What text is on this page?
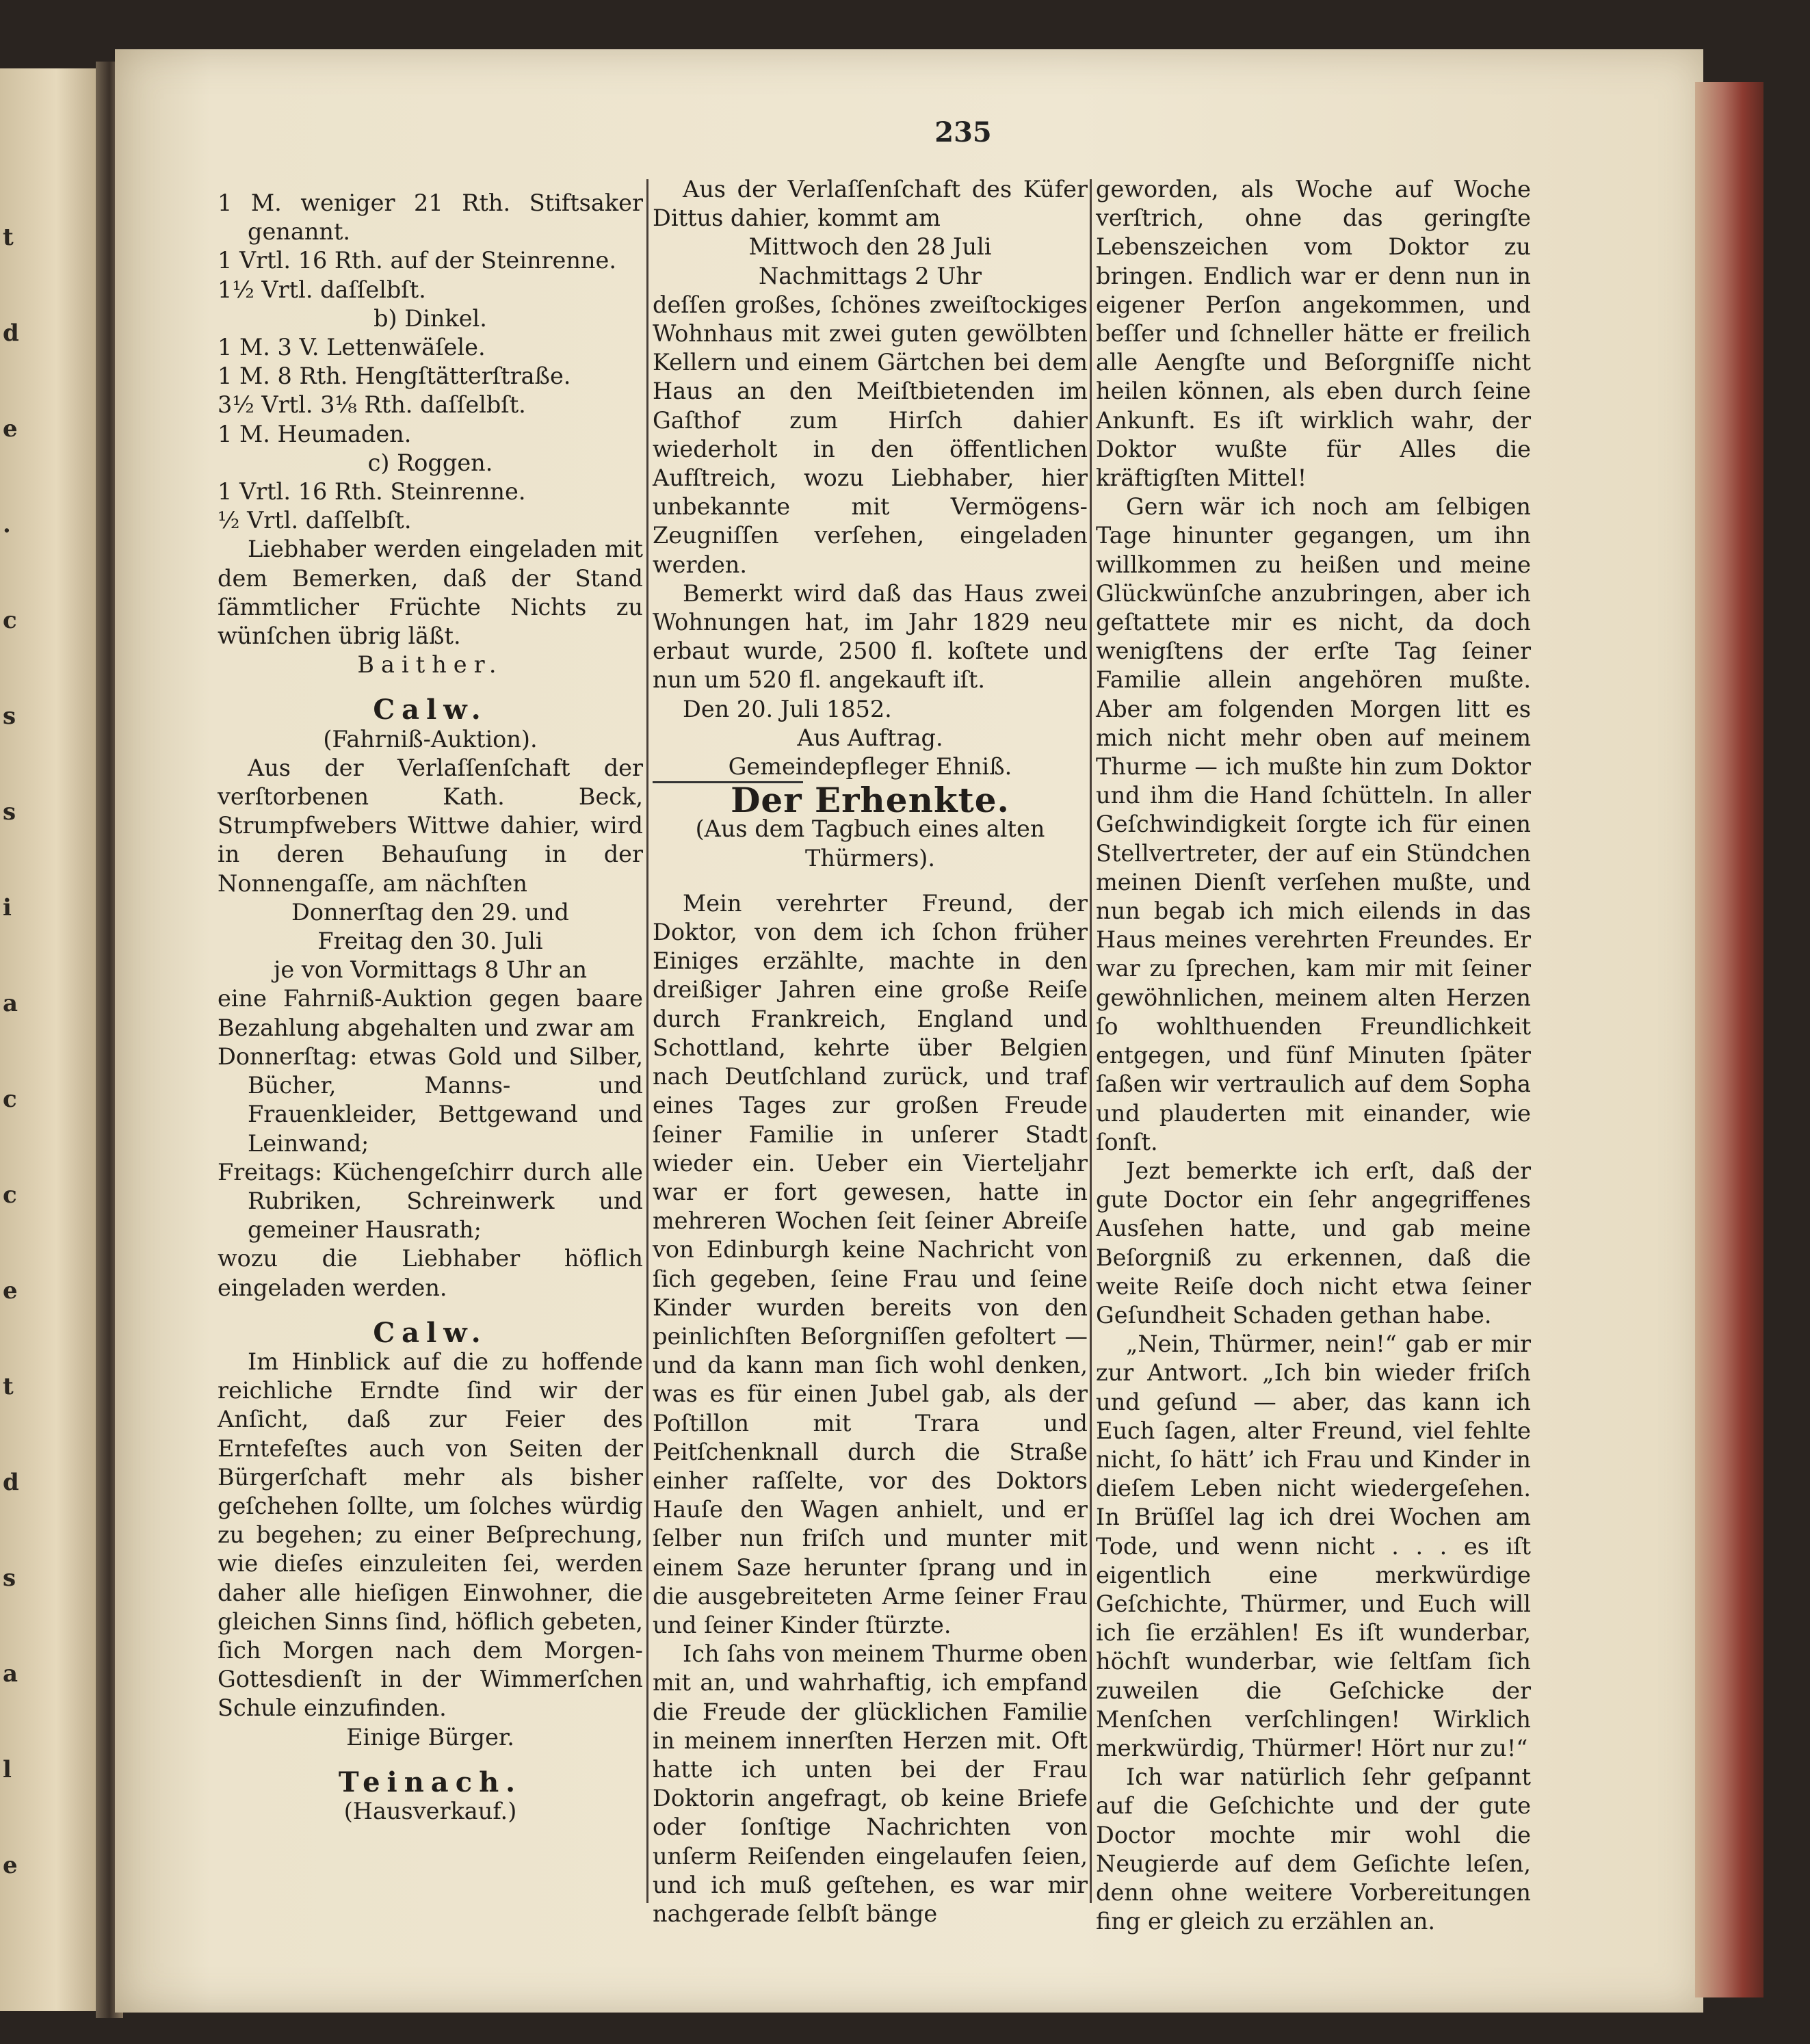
235
t
d
e
.
c
s
s
i
a
c
c
e
t
d
s
a
l
e

1 M. weniger 21 Rth. Stiftsaker genannt.

1 Vrtl. 16 Rth. auf der Steinrenne.

1½ Vrtl. daſſelbſt.

b) Dinkel.

1 M. 3 V. Lettenwäſele.

1 M. 8 Rth. Hengſtätterſtraße.

3½ Vrtl. 3⅛ Rth. daſſelbſt.

1 M. Heumaden.

c) Roggen.

1 Vrtl. 16 Rth. Steinrenne.

½ Vrtl. daſſelbſt.

Liebhaber werden eingeladen mit dem Bemerken, daß der Stand ſämmtlicher Früchte Nichts zu wünſchen übrig läßt.

Baither.

Calw.

(Fahrniß-Auktion).

Aus der Verlaſſenſchaft der verſtorbenen Kath. Beck, Strumpfwebers Wittwe dahier, wird in deren Behauſung in der Nonnengaſſe, am nächſten

Donnerſtag den 29. und

Freitag den 30. Juli

je von Vormittags 8 Uhr an

eine Fahrniß-Auktion gegen baare Bezahlung abgehalten und zwar am

Donnerſtag: etwas Gold und Silber, Bücher, Manns- und Frauenkleider, Bettgewand und Leinwand;

Freitags: Küchengeſchirr durch alle Rubriken, Schreinwerk und gemeiner Hausrath;

wozu die Liebhaber höflich eingeladen werden.

Calw.

Im Hinblick auf die zu hoffende reichliche Erndte ſind wir der Anſicht, daß zur Feier des Erntefeſtes auch von Seiten der Bürgerſchaft mehr als bisher geſchehen ſollte, um ſolches würdig zu begehen; zu einer Beſprechung, wie dieſes einzuleiten ſei, werden daher alle hieſigen Einwohner, die gleichen Sinns ſind, höflich gebeten, ſich Morgen nach dem Morgen-Gottesdienſt in der Wimmerſchen Schule einzufinden.

Einige Bürger.

Teinach.

(Hausverkauf.)

Aus der Verlaſſenſchaft des Küfer Dittus dahier, kommt am

Mittwoch den 28 Juli

Nachmittags 2 Uhr

deſſen großes, ſchönes zweiſtockiges Wohnhaus mit zwei guten gewölbten Kellern und einem Gärtchen bei dem Haus an den Meiſtbietenden im Gaſthof zum Hirſch dahier wiederholt in den öffentlichen Aufſtreich, wozu Liebhaber, hier unbekannte mit Vermögens-Zeugniſſen verſehen, eingeladen werden.

Bemerkt wird daß das Haus zwei Wohnungen hat, im Jahr 1829 neu erbaut wurde, 2500 fl. koſtete und nun um 520 fl. angekauft iſt.

Den 20. Juli 1852.

Aus Auftrag.

Gemeindepfleger Ehniß.

Der Erhenkte.

(Aus dem Tagbuch eines alten Thürmers).

Mein verehrter Freund, der Doktor, von dem ich ſchon früher Einiges erzählte, machte in den dreißiger Jahren eine große Reiſe durch Frankreich, England und Schottland, kehrte über Belgien nach Deutſchland zurück, und traf eines Tages zur großen Freude ſeiner Familie in unſerer Stadt wieder ein. Ueber ein Vierteljahr war er fort gewesen, hatte in mehreren Wochen ſeit ſeiner Abreiſe von Edinburgh keine Nachricht von ſich gegeben, ſeine Frau und ſeine Kinder wurden bereits von den peinlichſten Beſorgniſſen gefoltert — und da kann man ſich wohl denken, was es für einen Jubel gab, als der Poſtillon mit Trara und Peitſchenknall durch die Straße einher raſſelte, vor des Doktors Hauſe den Wagen anhielt, und er ſelber nun friſch und munter mit einem Saze herunter ſprang und in die ausgebreiteten Arme ſeiner Frau und ſeiner Kinder ſtürzte.

Ich ſahs von meinem Thurme oben mit an, und wahrhaftig, ich empfand die Freude der glücklichen Familie in meinem innerſten Herzen mit. Oft hatte ich unten bei der Frau Doktorin angefragt, ob keine Briefe oder ſonſtige Nachrichten von unſerm Reiſenden eingelaufen ſeien, und ich muß geſtehen, es war mir nachgerade ſelbſt bänge

geworden, als Woche auf Woche verſtrich, ohne das geringſte Lebenszeichen vom Doktor zu bringen. Endlich war er denn nun in eigener Perſon angekommen, und beſſer und ſchneller hätte er freilich alle Aengſte und Beſorgniſſe nicht heilen können, als eben durch ſeine Ankunft. Es iſt wirklich wahr, der Doktor wußte für Alles die kräftigſten Mittel!

Gern wär ich noch am ſelbigen Tage hinunter gegangen, um ihn willkommen zu heißen und meine Glückwünſche anzubringen, aber ich geſtattete mir es nicht, da doch wenigſtens der erſte Tag ſeiner Familie allein angehören mußte. Aber am folgenden Morgen litt es mich nicht mehr oben auf meinem Thurme — ich mußte hin zum Doktor und ihm die Hand ſchütteln. In aller Geſchwindigkeit ſorgte ich für einen Stellvertreter, der auf ein Stündchen meinen Dienſt verſehen mußte, und nun begab ich mich eilends in das Haus meines verehrten Freundes. Er war zu ſprechen, kam mir mit ſeiner gewöhnlichen, meinem alten Herzen ſo wohlthuenden Freundlichkeit entgegen, und fünf Minuten ſpäter ſaßen wir vertraulich auf dem Sopha und plauderten mit einander, wie ſonſt.

Jezt bemerkte ich erſt, daß der gute Doctor ein ſehr angegriffenes Ausſehen hatte, und gab meine Beſorgniß zu erkennen, daß die weite Reiſe doch nicht etwa ſeiner Geſundheit Schaden gethan habe.

„Nein, Thürmer, nein!“ gab er mir zur Antwort. „Ich bin wieder friſch und geſund — aber, das kann ich Euch ſagen, alter Freund, viel fehlte nicht, ſo hätt’ ich Frau und Kinder in dieſem Leben nicht wiedergeſehen. In Brüſſel lag ich drei Wochen am Tode, und wenn nicht . . . es iſt eigentlich eine merkwürdige Geſchichte, Thürmer, und Euch will ich ſie erzählen! Es iſt wunderbar, höchſt wunderbar, wie ſeltſam ſich zuweilen die Geſchicke der Menſchen verſchlingen! Wirklich merkwürdig, Thürmer! Hört nur zu!“

Ich war natürlich ſehr geſpannt auf die Geſchichte und der gute Doctor mochte mir wohl die Neugierde auf dem Geſichte leſen, denn ohne weitere Vorbereitungen fing er gleich zu erzählen an.
